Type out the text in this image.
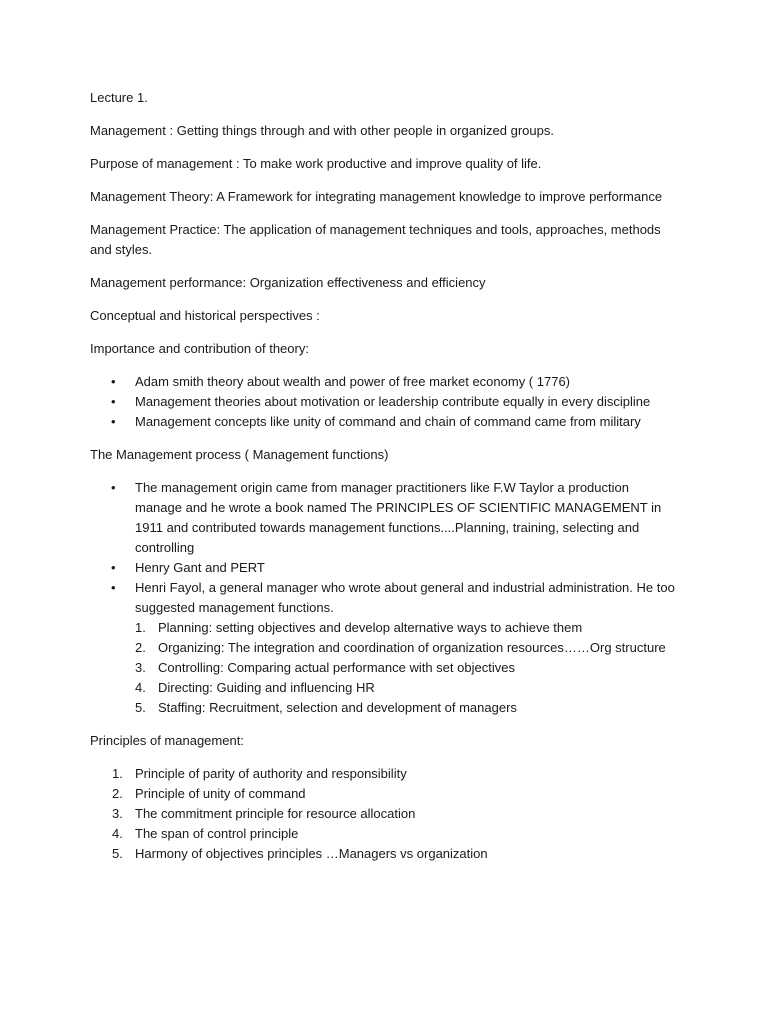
Lecture 1.

Management : Getting things through and with other people in organized groups.

Purpose of management : To make work productive and improve quality of life.

Management Theory: A Framework for integrating management knowledge to improve performance

Management Practice: The application of management techniques and tools, approaches, methods and styles.

Management performance: Organization effectiveness and efficiency

Conceptual and historical perspectives :

Importance and contribution of theory:

• Adam smith theory about wealth and power of free market economy ( 1776)
• Management theories about motivation or leadership contribute equally in every discipline
• Management concepts like unity of command and chain of command came from military

The Management process ( Management functions)

• The management origin came from manager practitioners like F.W Taylor a production manage and he wrote a book named The PRINCIPLES OF SCIENTIFIC MANAGEMENT in 1911 and contributed towards management functions....Planning, training, selecting and controlling
• Henry Gant and PERT
• Henri Fayol, a general manager who wrote about general and industrial administration. He too suggested management functions.
1. Planning: setting objectives and develop alternative ways to achieve them
2. Organizing: The integration and coordination of organization resources……Org structure
3. Controlling: Comparing actual performance with set objectives
4. Directing: Guiding and influencing HR
5. Staffing: Recruitment, selection and development of managers

Principles of management:

1. Principle of parity of authority and responsibility
2. Principle of unity of command
3. The commitment principle for resource allocation
4. The span of control principle
5. Harmony of objectives principles …Managers vs organization
